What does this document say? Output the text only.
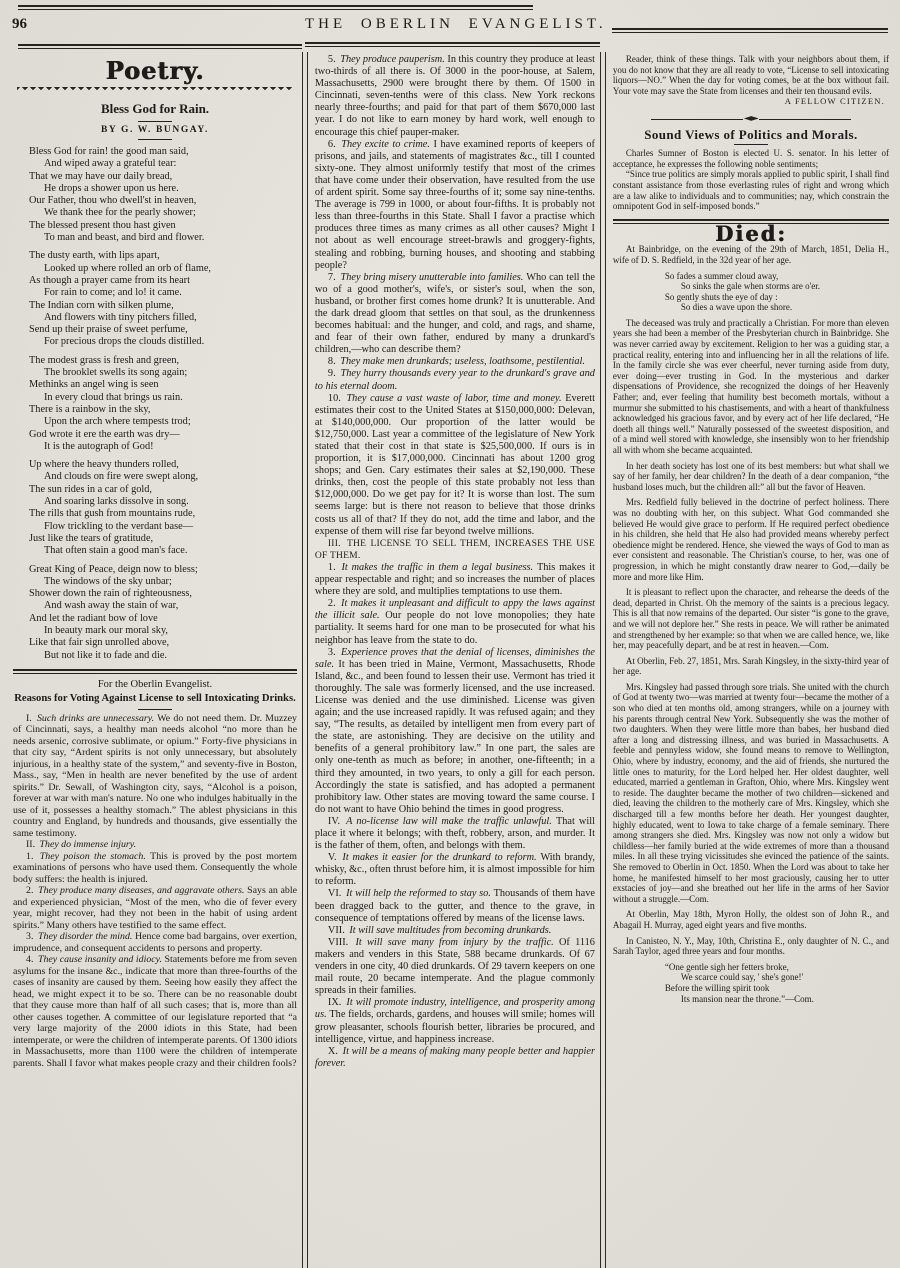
96	THE OBERLIN EVANGELIST.
Poetry.
Bless God for Rain.
BY G. W. BUNGAY.
Bless God for rain! the good man said,
And wiped away a grateful tear:
That we may have our daily bread,
He drops a shower upon us here.
Our Father, thou who dwell'st in heaven,
We thank thee for the pearly shower;
The blessed present thou hast given
To man and beast, and bird and flower.
The dusty earth, with lips apart,
Looked up where rolled an orb of flame,
As though a prayer came from its heart
For rain to come; and lo! it came.
The Indian corn with silken plume,
And flowers with tiny pitchers filled,
Send up their praise of sweet perfume,
For precious drops the clouds distilled.
The modest grass is fresh and green,
The brooklet swells its song again;
Methinks an angel wing is seen
In every cloud that brings us rain.
There is a rainbow in the sky,
Upon the arch where tempests trod;
God wrote it ere the earth was dry—
It is the autograph of God!
Up where the heavy thunders rolled,
And clouds on fire were swept along,
The sun rides in a car of gold,
And soaring larks dissolve in song.
The rills that gush from mountains rude,
Flow trickling to the verdant base—
Just like the tears of gratitude,
That often stain a good man's face.
Great King of Peace, deign now to bless;
The windows of the sky unbar;
Shower down the rain of righteousness,
And wash away the stain of war,
And let the radiant bow of love
In beauty mark our moral sky,
Like that fair sign unrolled above,
But not like it to fade and die.
For the Oberlin Evangelist.
Reasons for Voting Against License to sell Intoxicating Drinks.

I. Such drinks are unnecessary. We do not need them. Dr. Muzzey of Cincinnati, says, a healthy man needs alcohol “no more than he needs arsenic, corrosive sublimate, or opium.” Forty-five physicians in that city say, “Ardent spirits is not only unnecessary, but absolutely injurious, in a healthy state of the system,” and seventy-five in Boston, Mass., say, “Men in health are never benefited by the use of ardent spirits.” Dr. Sewall, of Washington city, says, “Alcohol is a poison, forever at war with man's nature. No one who indulges habitually in the use of it, possesses a healthy stomach.” The ablest physicians in this country and England, by hundreds and thousands, give essentially the same testimony.

II. They do immense injury.

1. They poison the stomach. This is proved by the post mortem examinations of persons who have used them. Consequently the whole body suffers: the health is injured.

2. They produce many diseases, and aggravate others. Says an able and experienced physician, “Most of the men, who die of fever every year, might recover, had they not been in the habit of using ardent spirits.” Many others have testified to the same effect.

3. They disorder the mind. Hence come bad bargains, over exertion, imprudence, and consequent accidents to persons and property.

4. They cause insanity and idiocy. Statements before me from seven asylums for the insane &c., indicate that more than three-fourths of the cases of insanity are caused by them. Seeing how easily they affect the head, we might expect it to be so. There can be no reasonable doubt that they cause more than half of all such cases; that is, more than all other causes together. A committee of our legislature reported that “a very large majority of the 2000 idiots in this State, had been intemperate, or were the children of intemperate parents. Of 1300 idiots in Massachusetts, more than 1100 were the children of intemperate parents. Shall I favor what makes people crazy and their children fools?

5. They produce pauperism. In this country they produce at least two-thirds of all there is. Of 3000 in the poor-house, at Salem, Massachusetts, 2900 were brought there by them. Of 1500 in Cincinnati, seven-tenths were of this class. New York reckons nearly three-fourths; and paid for that part of them $670,000 last year. I do not like to earn money by hard work, well enough to encourage this chief pauper-maker.

6. They excite to crime. I have examined reports of keepers of prisons, and jails, and statements of magistrates &c., till I counted sixty-one. They almost uniformly testify that most of the crimes that have come under their observation, have resulted from the use of ardent spirit. Some say three-fourths of it; some say nine-tenths. The average is 799 in 1000, or about four-fifths. It is probably not less than three-fourths in this State. Shall I favor a practise which produces three times as many crimes as all other causes? Might I not about as well encourage street-brawls and groggery-fights, stealing and robbing, burning houses, and shooting and stabbing people?

7. They bring misery unutterable into families. Who can tell the wo of a good mother's, wife's, or sister's soul, when the son, husband, or brother first comes home drunk? It is unutterable. And the dark dread gloom that settles on that soul, as the drunkenness becomes habitual: and the hunger, and cold, and rags, and shame, and fear of their own father, endured by many a drunkard's children,—who can describe them?

8. They make men drunkards; useless, loathsome, pestilential.

9. They hurry thousands every year to the drunkard's grave and to his eternal doom.

10. They cause a vast waste of labor, time and money. Everett estimates their cost to the United States at $150,000,000: Delevan, at $140,000,000. Our proportion of the latter would be $12,750,000. Last year a committee of the legislature of New York stated that their cost in that state is $25,500,000. If ours is in proportion, it is $17,000,000. Cincinnati has about 1200 grog shops; and Gen. Cary estimates their sales at $2,190,000. These drinks, then, cost the people of this state probably not less than $12,000,000. Do we get pay for it? It is worse than lost. The sum seems large: but is there not reason to believe that those drinks costs us all of that? If they do not, add the time and labor, and the expense of them will rise far beyond twelve millions.

III. THE LICENSE TO SELL THEM, INCREASES THE USE OF THEM.

1. It makes the traffic in them a legal business. This makes it appear respectable and right; and so increases the number of places where they are sold, and multiplies temptations to use them.

2. It makes it unpleasant and difficult to appy the laws against the illicit sale. Our people do not love monopolies; they hate partiality. It seems hard for one man to be prosecuted for what his neighbor has leave from the state to do.

3. Experience proves that the denial of licenses, diminishes the sale. It has been tried in Maine, Vermont, Massachusetts, Rhode Island, &c., and been found to lessen their use. Vermont has tried it thoroughly. The sale was formerly licensed, and the use increased. License was denied and the use diminished. License was given again; and the use increased rapidly. It was refused again; and they say, “The results, as detailed by intelligent men from every part of the state, are astonishing. They are decisive on the utility and benefits of a general prohibitory law.” In one part, the sales are only one-tenth as much as before; in another, one-fifteenth; in a third they amounted, in two years, to only a gill for each person. Accordingly the state is satisfied, and has adopted a permanent prohibitory law. Other states are moving toward the same course. I do not want to have Ohio behind the times in good progress.

IV. A no-license law will make the traffic unlawful. That will place it where it belongs; with theft, robbery, arson, and murder. It is the father of them, often, and belongs with them.

V. It makes it easier for the drunkard to reform. With brandy, whisky, &c., often thrust before him, it is almost impossible for him to reform.

VI. It will help the reformed to stay so. Thousands of them have been dragged back to the gutter, and thence to the grave, in consequence of temptations offered by means of the license laws.

VII. It will save multitudes from becoming drunkards.

VIII. It will save many from injury by the traffic. Of 1116 makers and venders in this State, 588 became drunkards. Of 67 venders in one city, 40 died drunkards. Of 29 tavern keepers on one mail route, 20 became intemperate. And the plague commonly spreads in their families.

IX. It will promote industry, intelligence, and prosperity among us. The fields, orchards, gardens, and houses will smile; homes will grow pleasanter, schools flourish better, libraries be procured, and intelligence, virtue, and happiness increase.

X. It will be a means of making many people better and happier forever.

Reader, think of these things. Talk with your neighbors about them, if you do not know that they are all ready to vote, “License to sell intoxicating liquors—NO.” When the day for voting comes, be at the box without fail. Your vote may save the State from licenses and their ten thousand evils.

A FELLOW CITIZEN.
◆
Sound Views of Politics and Morals.

Charles Sumner of Boston is elected U. S. senator. In his letter of acceptance, he expresses the following noble sentiments;

“Since true politics are simply morals applied to public spirit, I shall find constant assistance from those everlasting rules of right and wrong which are a law alike to individuals and to communities; nay, which constrain the omnipotent God in self-imposed bonds.”

Died:

At Bainbridge, on the evening of the 29th of March, 1851, Delia H., wife of D. S. Redfield, in the 32d year of her age.

So fades a summer cloud away,
So sinks the gale when storms are o'er.
So gently shuts the eye of day :
So dies a wave upon the shore.

The deceased was truly and practically a Christian. For more than eleven years she had been a member of the Presbyterian church in Bainbridge. She was never carried away by excitement. Religion to her was a guiding star, a practical reality, entering into and influencing her in all the relations of life. In the family circle she was ever cheerful, never turning aside from duty, ever doing—ever trusting in God. In the mysterious and darker dispensations of Providence, she recognized the doings of her Heavenly Father; and, ever feeling that humility best becometh mortals, without a murmur she submitted to his chastisements, and with a heart of thankfulness acknowledged his gracious favor, and by every act of her life declared, “He doeth all things well.” Naturally possessed of the sweetest disposition, and of a mind well stored with knowledge, she insensibly won to her friendship all with whom she became acquainted.

In her death society has lost one of its best members: but what shall we say of her family, her dear children? In the death of a dear companion, “the husband loses much, but the children all:” all but the favor of Heaven.

Mrs. Redfield fully believed in the doctrine of perfect holiness. There was no doubting with her, on this subject. What God commanded she believed He would give grace to perform. If He required perfect obedience in his children, she held that He also had provided means whereby perfect obedience might be rendered. Hence, she viewed the ways of God to man as ever consistent and reasonable. The Christian's course, to her, was one of progression, in which he might constantly draw nearer to God,—daily be more and more like Him.

It is pleasant to reflect upon the character, and rehearse the deeds of the dead, departed in Christ. Oh the memory of the saints is a precious legacy. This is all that now remains of the departed. Our sister “is gone to the grave, and we will not deplore her.” She rests in peace. We will rather be animated and strengthened by her example: so that when we are called hence, we, like her, may peacefully depart, and be at rest in heaven.—Com.

At Oberlin, Feb. 27, 1851, Mrs. Sarah Kingsley, in the sixty-third year of her age.

Mrs. Kingsley had passed through sore trials. She united with the church of God at twenty two—was married at twenty four—became the mother of a son who died at ten months old, among strangers, while on a journey with his parents through central New York. Subsequently she was the mother of two daughters. When they were little more than babes, her husband died after a long and distressing illness, and was buried in Massachusetts. A feeble and pennyless widow, she found means to remove to Wellington, Ohio, where by industry, economy, and the aid of friends, she nurtured the little ones to maturity, for the Lord helped her. Her oldest daughter, well educated, married a gentleman in Grafton, Ohio, where Mrs. Kingsley went to reside. The daughter became the mother of two children—sickened and died, leaving the children to the motherly care of Mrs. Kingsley, which she discharged till a few months before her death. Her youngest daughter, highly educated, went to Iowa to take charge of a female seminary. There among strangers she died. Mrs. Kingsley was now not only a widow but childless—her family buried at the wide extremes of more than a thousand miles. In all these trying vicissitudes she evinced the patience of the saints. She removed to Oberlin in Oct. 1850. When the Lord was about to take her home, he manifested himself to her most graciously, causing her to utter exstacies of joy—and she breathed out her life in the arms of her Savior without a struggle.—Com.

At Oberlin, May 18th, Myron Holly, the oldest son of John R., and Abagail H. Murray, aged eight years and five months.

In Canisteo, N. Y., May, 10th, Christina E., only daughter of N. C., and Sarah Taylor, aged three years and four months.

“One gentle sigh her fetters broke,
We scarce could say, ' she's gone!'
Before the willing spirit took
Its mansion near the throne.”—Com.
